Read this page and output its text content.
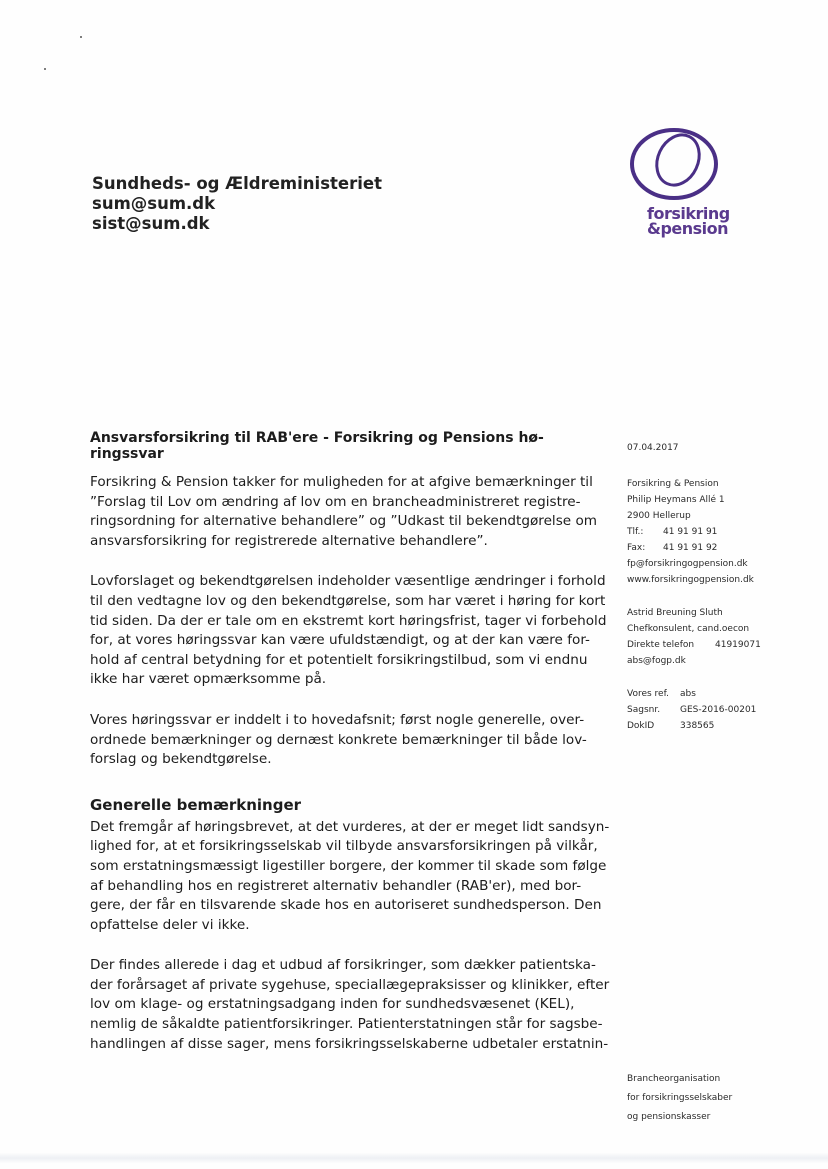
Sundheds- og Ældreministeriet
sum@sum.dk
sist@sum.dk
forsikring
&pension
Ansvarsforsikring til RAB'ere - Forsikring og Pensions hø-
ringssvar

Forsikring & Pension takker for muligheden for at afgive bemærkninger til
”Forslag til Lov om ændring af lov om en brancheadministreret registre-
ringsordning for alternative behandlere” og ”Udkast til bekendtgørelse om
ansvarsforsikring for registrerede alternative behandlere”.

Lovforslaget og bekendtgørelsen indeholder væsentlige ændringer i forhold
til den vedtagne lov og den bekendtgørelse, som har været i høring for kort
tid siden. Da der er tale om en ekstremt kort høringsfrist, tager vi forbehold
for, at vores høringssvar kan være ufuldstændigt, og at der kan være for-
hold af central betydning for et potentielt forsikringstilbud, som vi endnu
ikke har været opmærksomme på.

Vores høringssvar er inddelt i to hovedafsnit; først nogle generelle, over-
ordnede bemærkninger og dernæst konkrete bemærkninger til både lov-
forslag og bekendtgørelse.

Generelle bemærkninger

Det fremgår af høringsbrevet, at det vurderes, at der er meget lidt sandsyn-
lighed for, at et forsikringsselskab vil tilbyde ansvarsforsikringen på vilkår,
som erstatningsmæssigt ligestiller borgere, der kommer til skade som følge
af behandling hos en registreret alternativ behandler (RAB'er), med bor-
gere, der får en tilsvarende skade hos en autoriseret sundhedsperson. Den
opfattelse deler vi ikke.

Der findes allerede i dag et udbud af forsikringer, som dækker patientska-
der forårsaget af private sygehuse, speciallægepraksisser og klinikker, efter
lov om klage- og erstatningsadgang inden for sundhedsvæsenet (KEL),
nemlig de såkaldte patientforsikringer. Patienterstatningen står for sagsbe-
handlingen af disse sager, mens forsikringsselskaberne udbetaler erstatnin-

07.04.2017
Forsikring & Pension
Philip Heymans Allé 1
2900 Hellerup
Tlf.:	41 91 91 91
Fax:	41 91 91 92
fp@forsikringogpension.dk
www.forsikringogpension.dk
Astrid Breuning Sluth
Chefkonsulent, cand.oecon
Direkte telefon	41919071
abs@fogp.dk
Vores ref.	abs
Sagsnr.	GES-2016-00201
DokID	338565
Brancheorganisation
for forsikringsselskaber
og pensionskasser
